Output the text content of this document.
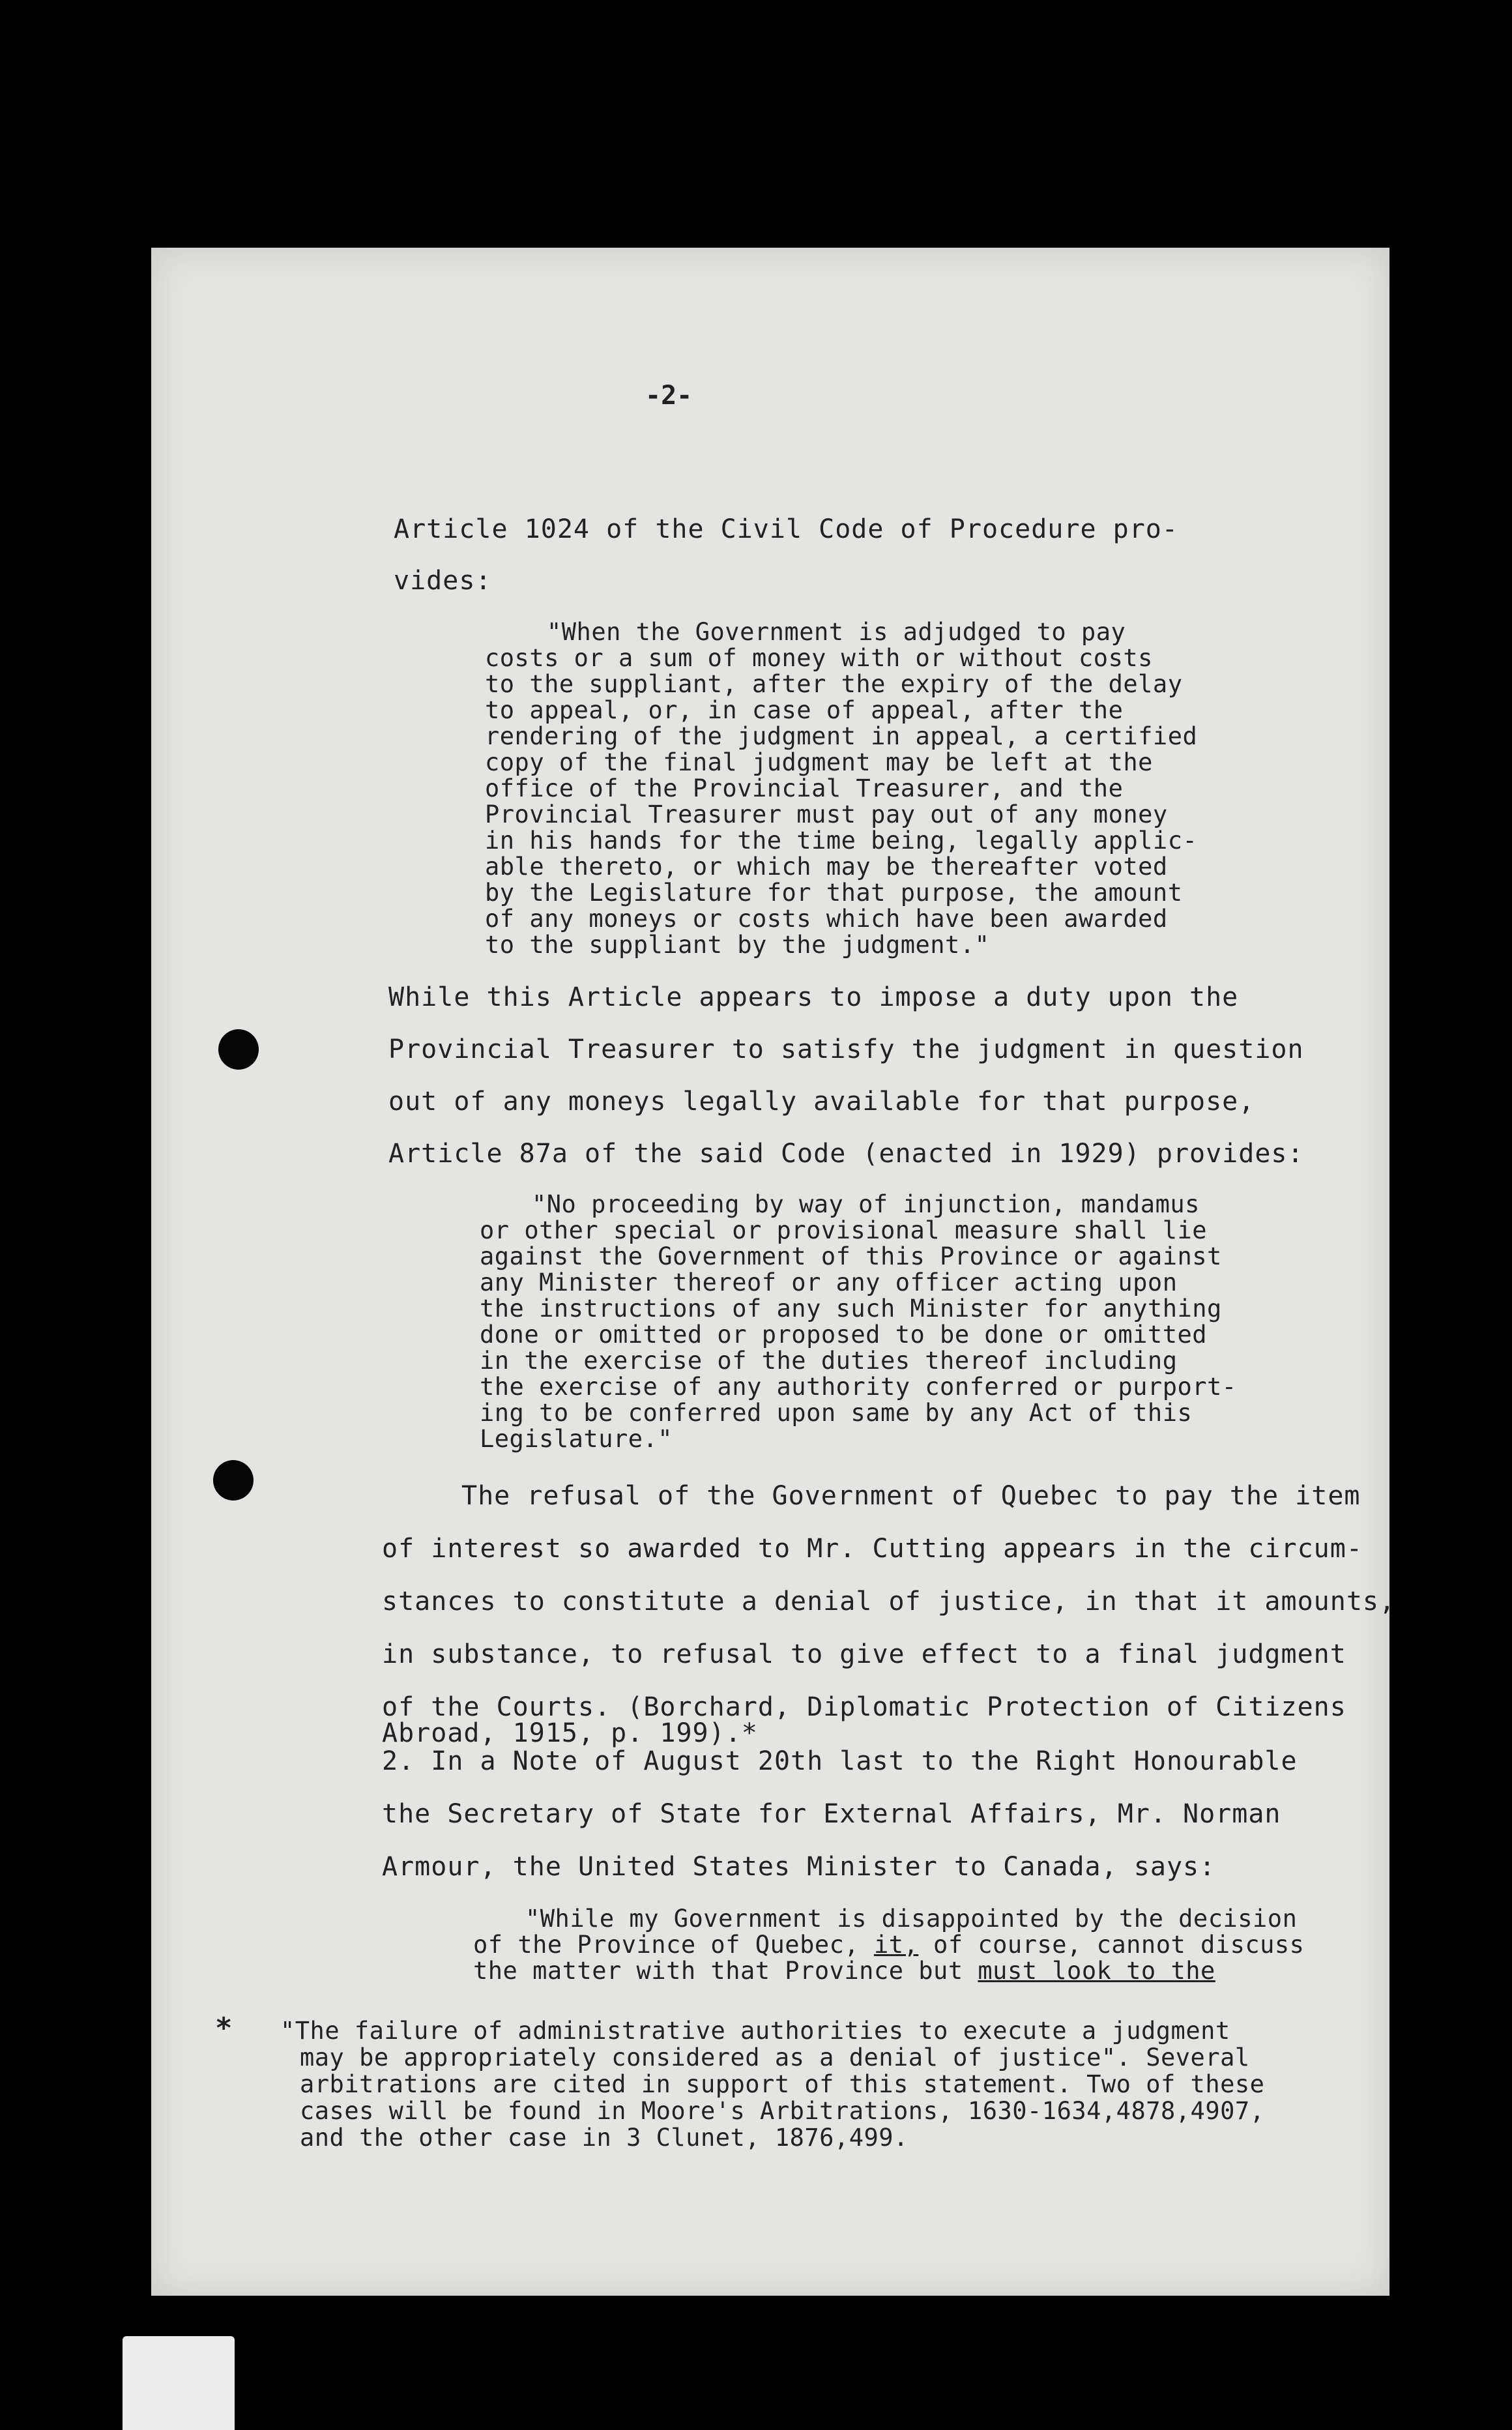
-2-

Article 1024 of the Civil Code of Procedure pro-

vides:

"When the Government is adjudged to pay

costs or a sum of money with or without costs

to the suppliant, after the expiry of the delay

to appeal, or, in case of appeal, after the

rendering of the judgment in appeal, a certified

copy of the final judgment may be left at the

office of the Provincial Treasurer, and the

Provincial Treasurer must pay out of any money

in his hands for the time being, legally applic-

able thereto, or which may be thereafter voted

by the Legislature for that purpose, the amount

of any moneys or costs which have been awarded

to the suppliant by the judgment."

While this Article appears to impose a duty upon the

Provincial Treasurer to satisfy the judgment in question

out of any moneys legally available for that purpose,

Article 87a of the said Code (enacted in 1929) provides:

"No proceeding by way of injunction, mandamus

or other special or provisional measure shall lie

against the Government of this Province or against

any Minister thereof or any officer acting upon

the instructions of any such Minister for anything

done or omitted or proposed to be done or omitted

in the exercise of the duties thereof including

the exercise of any authority conferred or purport-

ing to be conferred upon same by any Act of this

Legislature."

The refusal of the Government of Quebec to pay the item

of interest so awarded to Mr. Cutting appears in the circum-

stances to constitute a denial of justice, in that it amounts,

in substance, to refusal to give effect to a final judgment

of the Courts. (Borchard, Diplomatic Protection of Citizens

Abroad, 1915, p. 199).*

2. In a Note of August 20th last to the Right Honourable

the Secretary of State for External Affairs, Mr. Norman

Armour, the United States Minister to Canada, says:

"While my Government is disappointed by the decision

of the Province of Quebec, it, of course, cannot discuss

the matter with that Province but must look to the

* "The failure of administrative authorities to execute a judgment

may be appropriately considered as a denial of justice". Several

arbitrations are cited in support of this statement. Two of these

cases will be found in Moore's Arbitrations, 1630-1634,4878,4907,

and the other case in 3 Clunet, 1876,499.
